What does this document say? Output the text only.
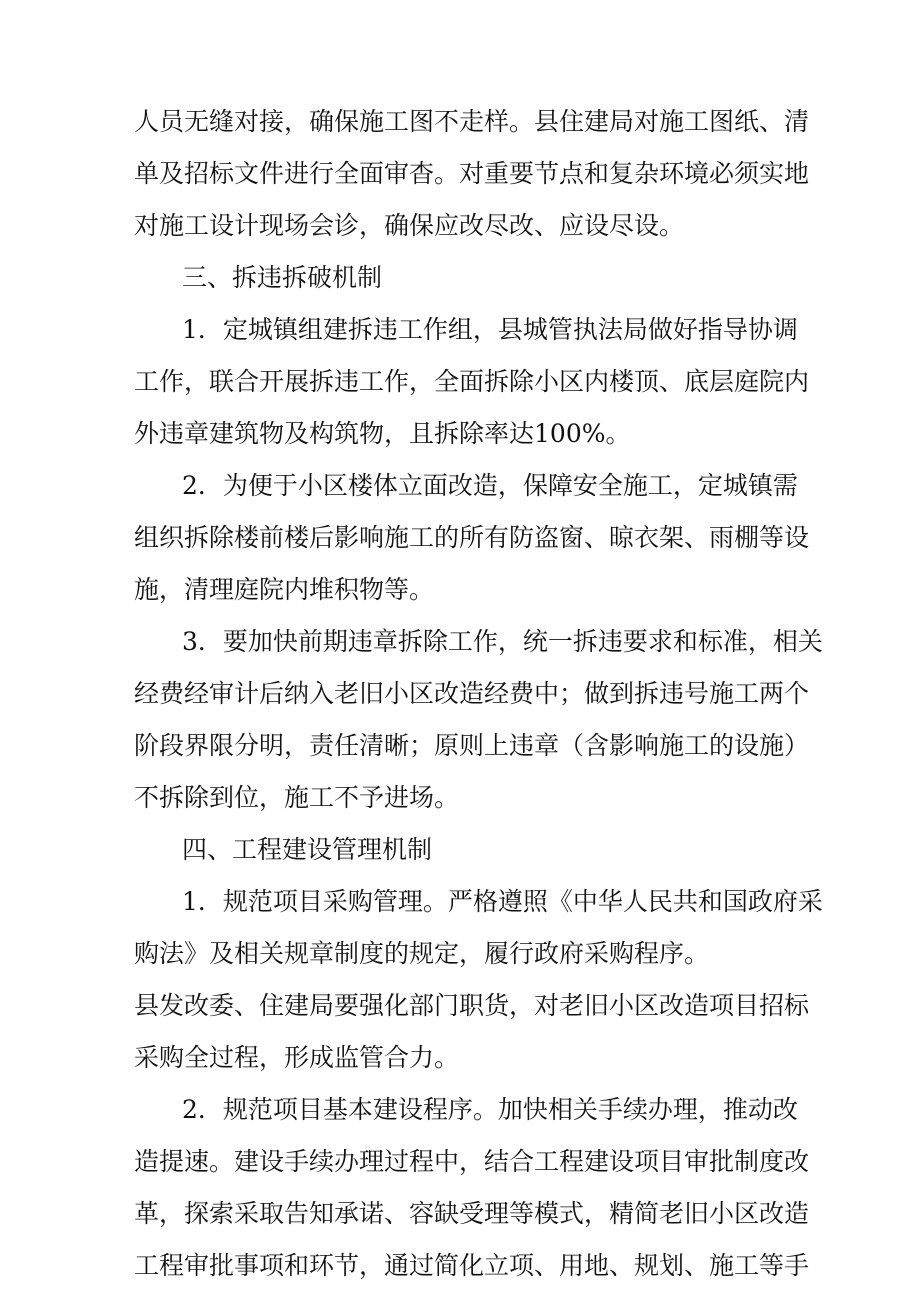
人员无缝对接，确保施工图不走样。县住建局对施工图纸、清
单及招标文件进行全面审杳。对重要节点和复杂环境必须实地
对施工设计现场会诊，确保应改尽改、应设尽设。
三、拆违拆破机制
1．定城镇组建拆违工作组，县城管执法局做好指导协调
工作，联合开展拆违工作，全面拆除小区内楼顶、底层庭院内
外违章建筑物及构筑物，且拆除率达100%。
2．为便于小区楼体立面改造，保障安全施工，定城镇需
组织拆除楼前楼后影响施工的所有防盗窗、晾衣架、雨棚等设
施，清理庭院内堆积物等。
3．要加快前期违章拆除工作，统一拆违要求和标准，相关
经费经审计后纳入老旧小区改造经费中；做到拆违号施工两个
阶段界限分明，责任清晰；原则上违章（含影响施工的设施）
不拆除到位，施工不予进场。
四、工程建设管理机制
1．规范项目采购管理。严格遵照《中华人民共和国政府采
购法》及相关规章制度的规定，履行政府采购程序。
县发改委、住建局要强化部门职货，对老旧小区改造项目招标
采购全过程，形成监管合力。
2．规范项目基本建设程序。加快相关手续办理，推动改
造提速。建设手续办理过程中，结合工程建设项目审批制度改
革，探索采取告知承诺、容缺受理等模式，精简老旧小区改造
工程审批事项和环节，通过简化立项、用地、规划、施工等手
